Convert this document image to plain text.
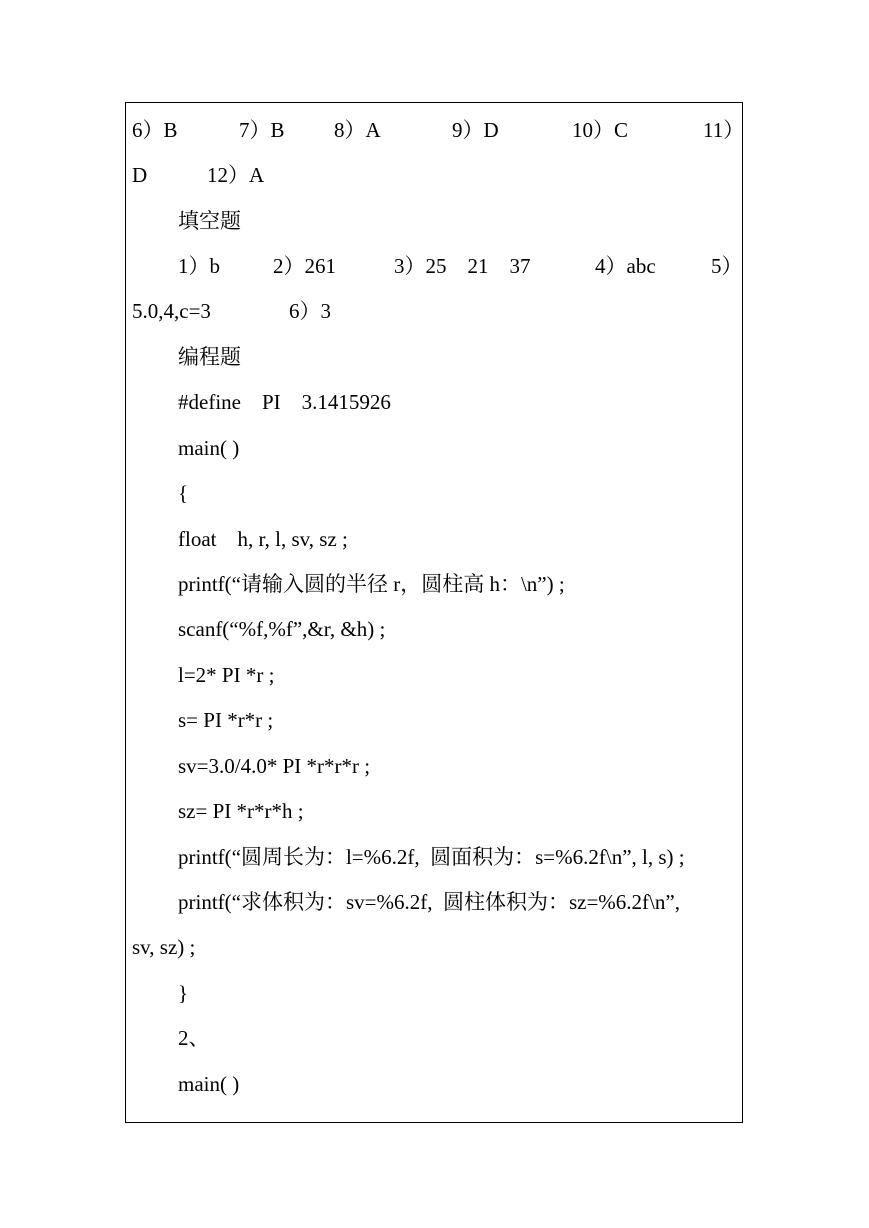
6）B

	7）B

8）A

	9）D

	10）C

	11）

D

	12）A

填空题

1）b

	2）261

	3）25    21    37

	4）abc

	5）

5.0,4,c=3

	6）3

编程题

#define    PI    3.1415926
main( )
{
float    h, r, l, sv, sz ;
printf(“请输入圆的半径 r，圆柱高 h：\n”) ;
scanf(“%f,%f”,&r, &h) ;
l=2* PI *r ;
s= PI *r*r ;
sv=3.0/4.0* PI *r*r*r ;
sz= PI *r*r*h ;
printf(“圆周长为：l=%6.2f,  圆面积为：s=%6.2f\n”, l, s) ;
printf(“求体积为：sv=%6.2f,  圆柱体积为：sz=%6.2f\n”,
sv, sz) ;
}
2、
main( )
